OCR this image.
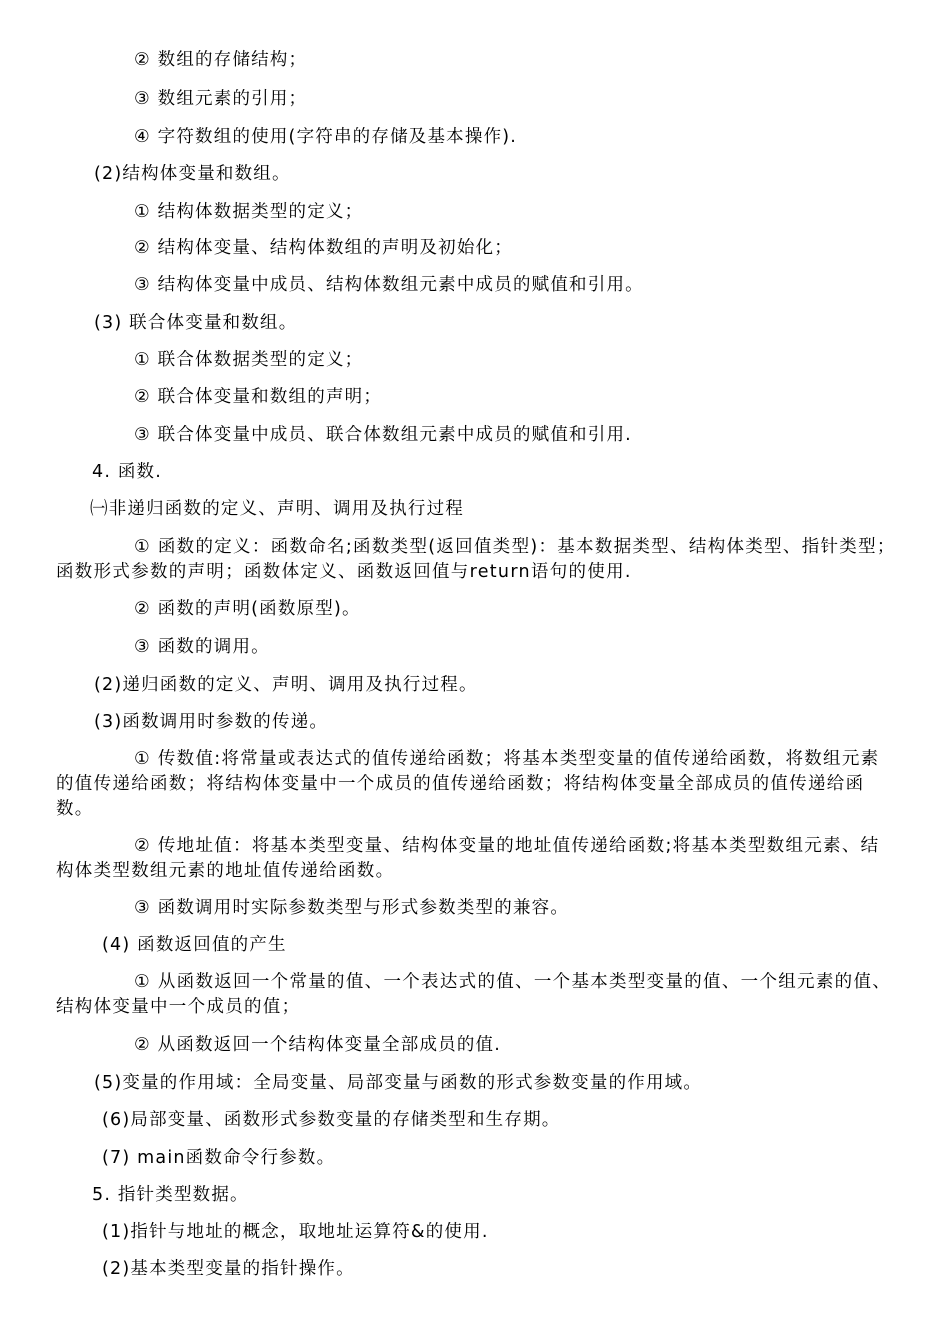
② 数组的存储结构；
③ 数组元素的引用；
④ 字符数组的使用(字符串的存储及基本操作).
(2)结构体变量和数组。
① 结构体数据类型的定义；
② 结构体变量、结构体数组的声明及初始化；
③ 结构体变量中成员、结构体数组元素中成员的赋值和引用。
(3) 联合体变量和数组。
① 联合体数据类型的定义；
② 联合体变量和数组的声明；
③ 联合体变量中成员、联合体数组元素中成员的赋值和引用.
4. 函数.
㈠非递归函数的定义、声明、调用及执行过程
① 函数的定义：函数命名;函数类型(返回值类型)：基本数据类型、结构体类型、指针类型；函数形式参数的声明；函数体定义、函数返回值与return语句的使用.
② 函数的声明(函数原型)。
③ 函数的调用。
(2)递归函数的定义、声明、调用及执行过程。
(3)函数调用时参数的传递。
① 传数值:将常量或表达式的值传递给函数；将基本类型变量的值传递给函数，将数组元素的值传递给函数；将结构体变量中一个成员的值传递给函数；将结构体变量全部成员的值传递给函数。
② 传地址值：将基本类型变量、结构体变量的地址值传递给函数;将基本类型数组元素、结构体类型数组元素的地址值传递给函数。
③ 函数调用时实际参数类型与形式参数类型的兼容。
(4) 函数返回值的产生
① 从函数返回一个常量的值、一个表达式的值、一个基本类型变量的值、一个组元素的值、结构体变量中一个成员的值；
② 从函数返回一个结构体变量全部成员的值.
(5)变量的作用域：全局变量、局部变量与函数的形式参数变量的作用域。
(6)局部变量、函数形式参数变量的存储类型和生存期。
(7) main函数命令行参数。
5. 指针类型数据。
(1)指针与地址的概念，取地址运算符&的使用.
(2)基本类型变量的指针操作。
